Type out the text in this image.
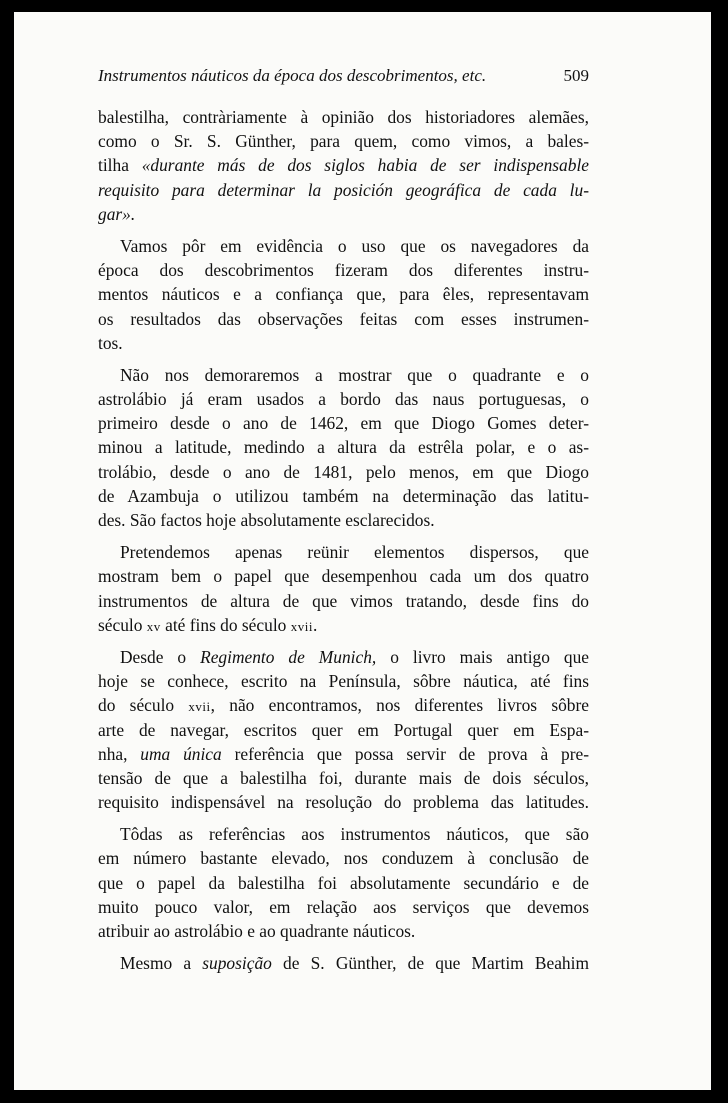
Instrumentos náuticos da época dos descobrimentos, etc.	509
balestilha, contràriamente à opinião dos historiadores alemães,
como o Sr. S. Günther, para quem, como vimos, a bales-
tilha «durante más de dos siglos habia de ser indispensable
requisito para determinar la posición geográfica de cada lu-
gar».
Vamos pôr em evidência o uso que os navegadores da
época dos descobrimentos fizeram dos diferentes instru-
mentos náuticos e a confiança que, para êles, representavam
os resultados das observações feitas com esses instrumen-
tos.
Não nos demoraremos a mostrar que o quadrante e o
astrolábio já eram usados a bordo das naus portuguesas, o
primeiro desde o ano de 1462, em que Diogo Gomes deter-
minou a latitude, medindo a altura da estrêla polar, e o as-
trolábio, desde o ano de 1481, pelo menos, em que Diogo
de Azambuja o utilizou também na determinação das latitu-
des. São factos hoje absolutamente esclarecidos.
Pretendemos apenas reünir elementos dispersos, que
mostram bem o papel que desempenhou cada um dos quatro
instrumentos de altura de que vimos tratando, desde fins do
século xv até fins do século xvii.
Desde o Regimento de Munich, o livro mais antigo que
hoje se conhece, escrito na Península, sôbre náutica, até fins
do século xvii, não encontramos, nos diferentes livros sôbre
arte de navegar, escritos quer em Portugal quer em Espa-
nha, uma única referência que possa servir de prova à pre-
tensão de que a balestilha foi, durante mais de dois séculos,
requisito indispensável na resolução do problema das latitudes.
Tôdas as referências aos instrumentos náuticos, que são
em número bastante elevado, nos conduzem à conclusão de
que o papel da balestilha foi absolutamente secundário e de
muito pouco valor, em relação aos serviços que devemos
atribuir ao astrolábio e ao quadrante náuticos.
Mesmo a suposição de S. Günther, de que Martim Beahim
